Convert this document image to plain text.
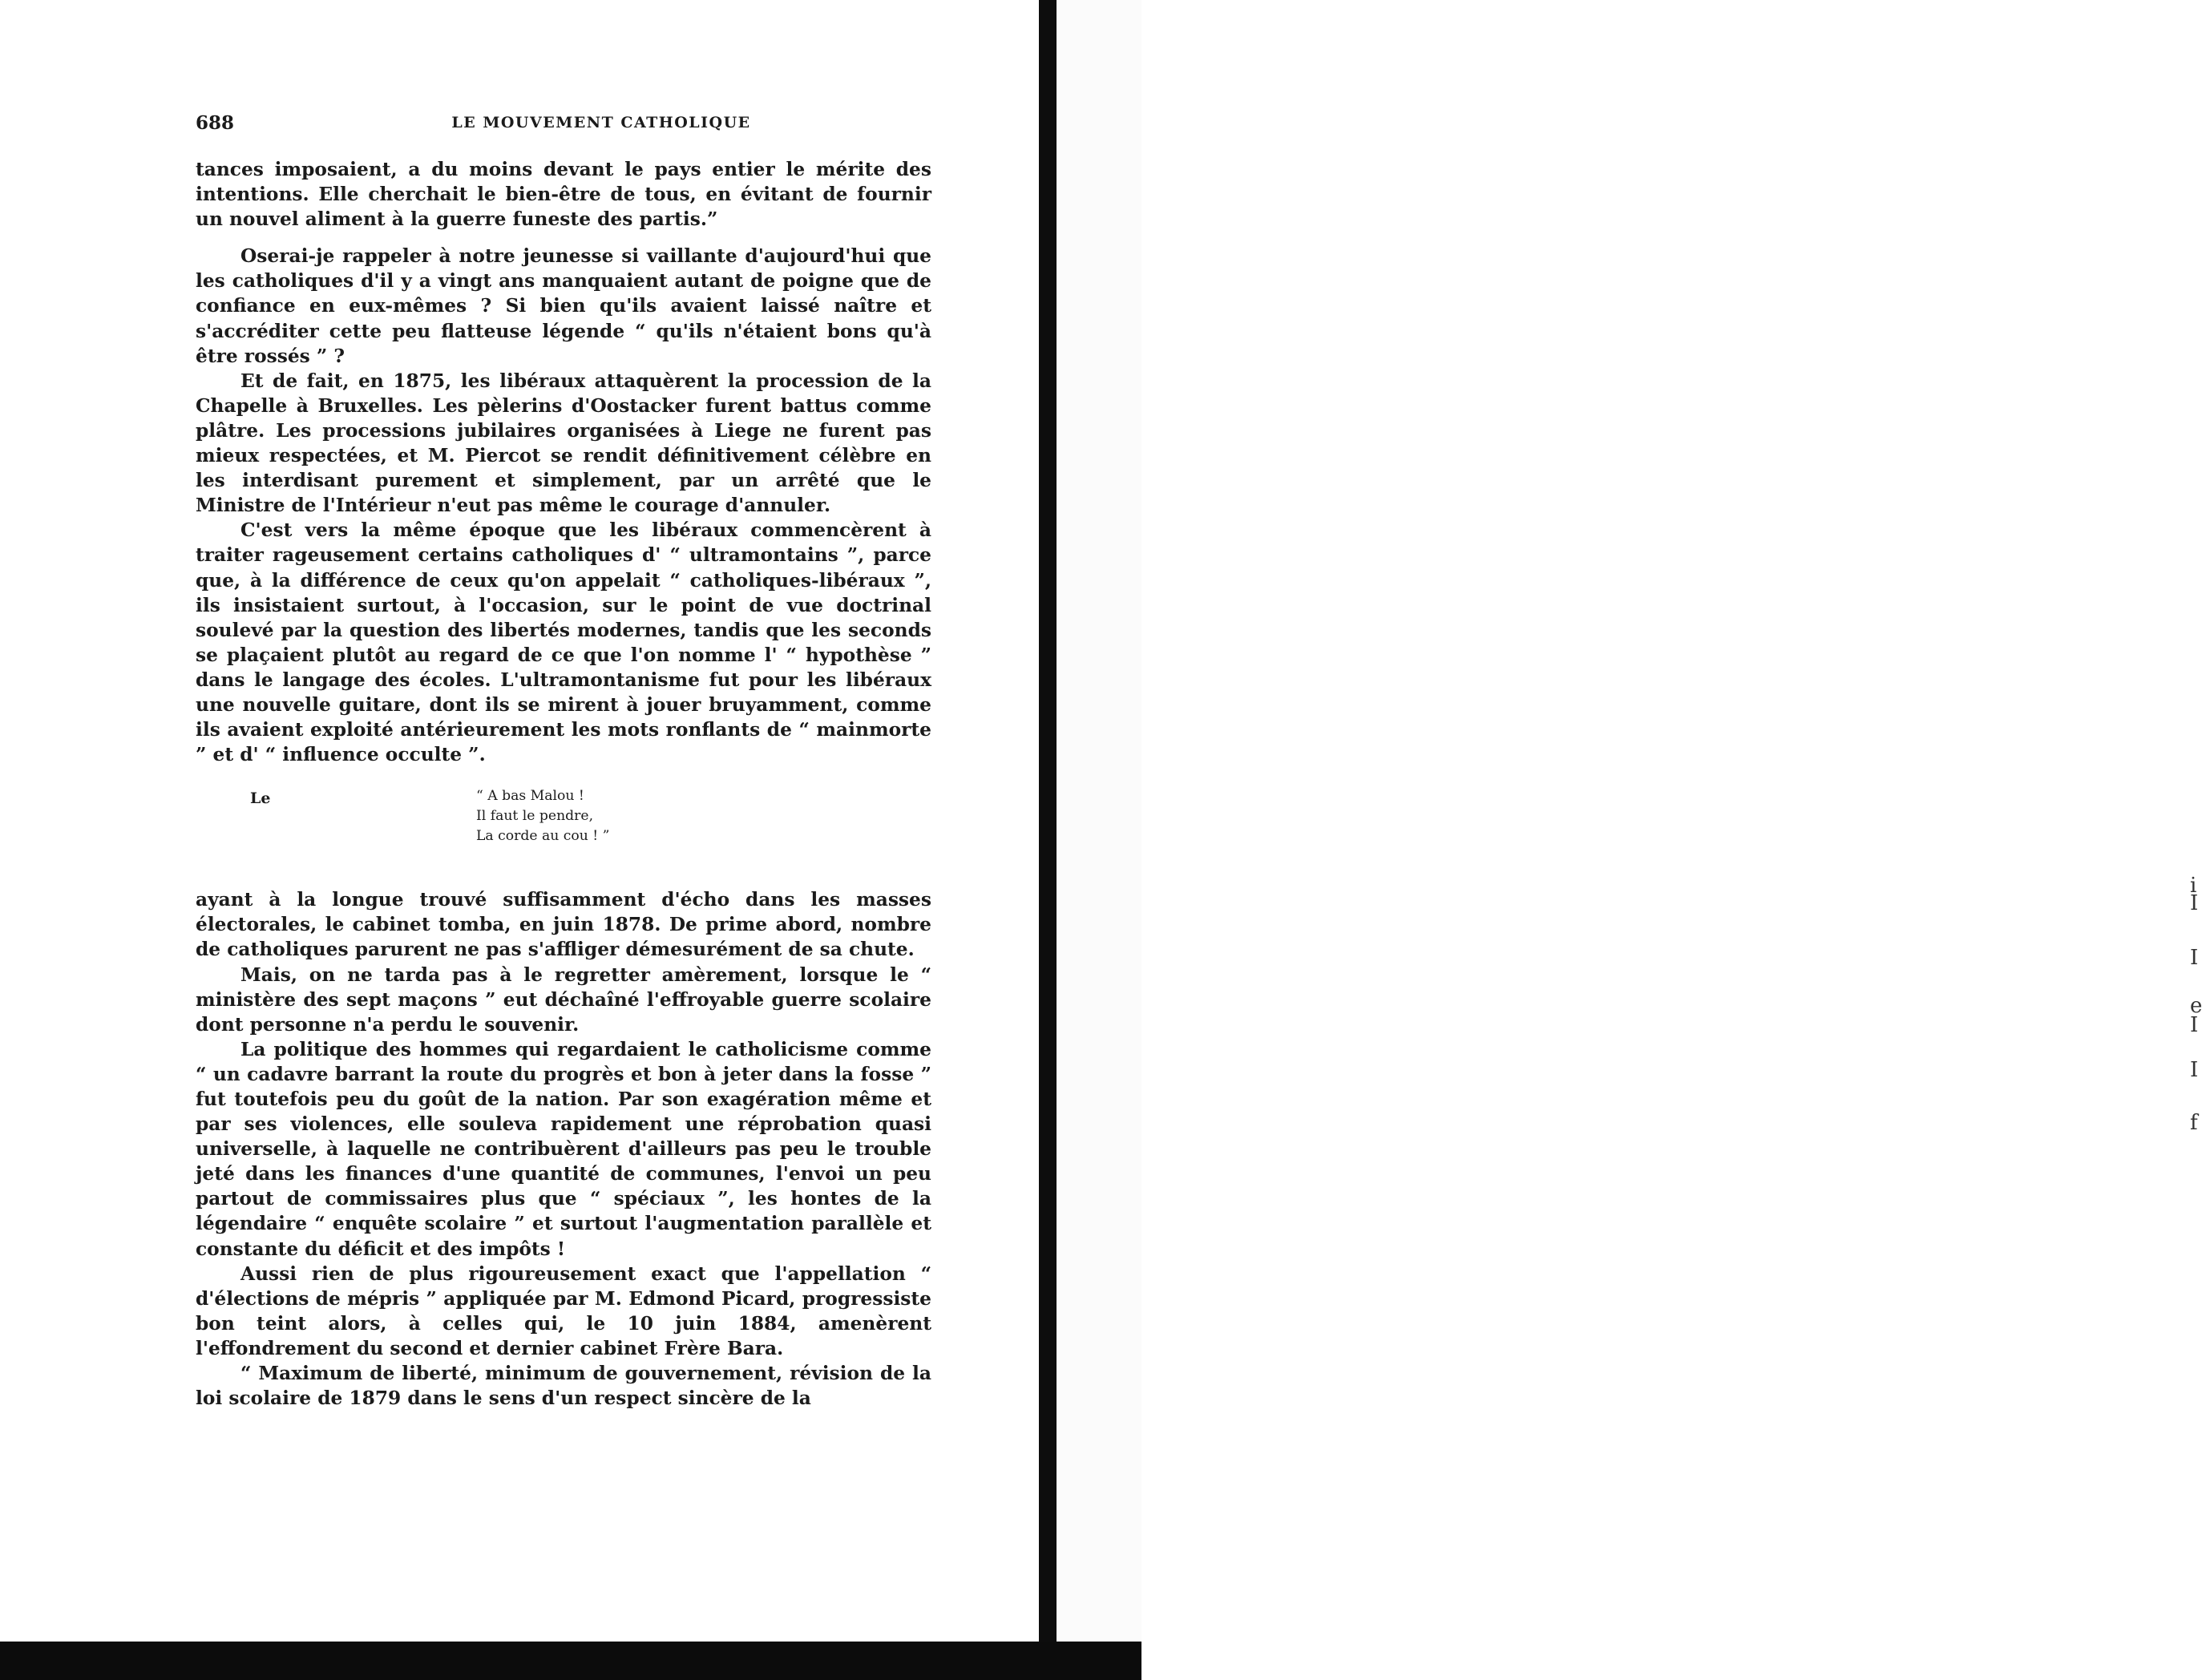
i
I
I
e
I
I
f
688	LE MOUVEMENT CATHOLIQUE

tances imposaient, a du moins devant le pays entier le mérite des intentions. Elle cherchait le bien-être de tous, en évitant de fournir un nouvel aliment à la guerre funeste des partis.”

Oserai-je rappeler à notre jeunesse si vaillante d'aujourd'hui que les catholiques d'il y a vingt ans manquaient autant de poigne que de confiance en eux-mêmes ? Si bien qu'ils avaient laissé naître et s'accréditer cette peu flatteuse légende “ qu'ils n'étaient bons qu'à être rossés ” ?

Et de fait, en 1875, les libéraux attaquèrent la procession de la Chapelle à Bruxelles. Les pèlerins d'Oostacker furent battus comme plâtre. Les processions jubilaires organisées à Liege ne furent pas mieux respectées, et M. Piercot se rendit définitivement célèbre en les interdisant purement et simplement, par un arrêté que le Ministre de l'Intérieur n'eut pas même le courage d'annuler.

C'est vers la même époque que les libéraux commencèrent à traiter rageusement certains catholiques d' “ ultramontains ”, parce que, à la différence de ceux qu'on appelait “ catholiques-libéraux ”, ils insistaient surtout, à l'occasion, sur le point de vue doctrinal soulevé par la question des libertés modernes, tandis que les seconds se plaçaient plutôt au regard de ce que l'on nomme l' “ hypothèse ” dans le langage des écoles. L'ultramontanisme fut pour les libéraux une nouvelle guitare, dont ils se mirent à jouer bruyamment, comme ils avaient exploité antérieurement les mots ronflants de “ mainmorte ” et d' “ influence occulte ”.

Le	“ A bas Malou !
Il faut le pendre,
La corde au cou ! ”

ayant à la longue trouvé suffisamment d'écho dans les masses électorales, le cabinet tomba, en juin 1878. De prime abord, nombre de catholiques parurent ne pas s'affliger démesurément de sa chute.

Mais, on ne tarda pas à le regretter amèrement, lorsque le “ ministère des sept maçons ” eut déchaîné l'effroyable guerre scolaire dont personne n'a perdu le souvenir.

La politique des hommes qui regardaient le catholicisme comme “ un cadavre barrant la route du progrès et bon à jeter dans la fosse ” fut toutefois peu du goût de la nation. Par son exagération même et par ses violences, elle souleva rapidement une réprobation quasi universelle, à laquelle ne contribuèrent d'ailleurs pas peu le trouble jeté dans les finances d'une quantité de communes, l'envoi un peu partout de commissaires plus que “ spéciaux ”, les hontes de la légendaire “ enquête scolaire ” et surtout l'augmentation parallèle et constante du déficit et des impôts !

Aussi rien de plus rigoureusement exact que l'appellation “ d'élections de mépris ” appliquée par M. Edmond Picard, progressiste bon teint alors, à celles qui, le 10 juin 1884, amenèrent l'effondrement du second et dernier cabinet Frère Bara.

“ Maximum de liberté, minimum de gouvernement, révision de la loi scolaire de 1879 dans le sens d'un respect sincère de la
